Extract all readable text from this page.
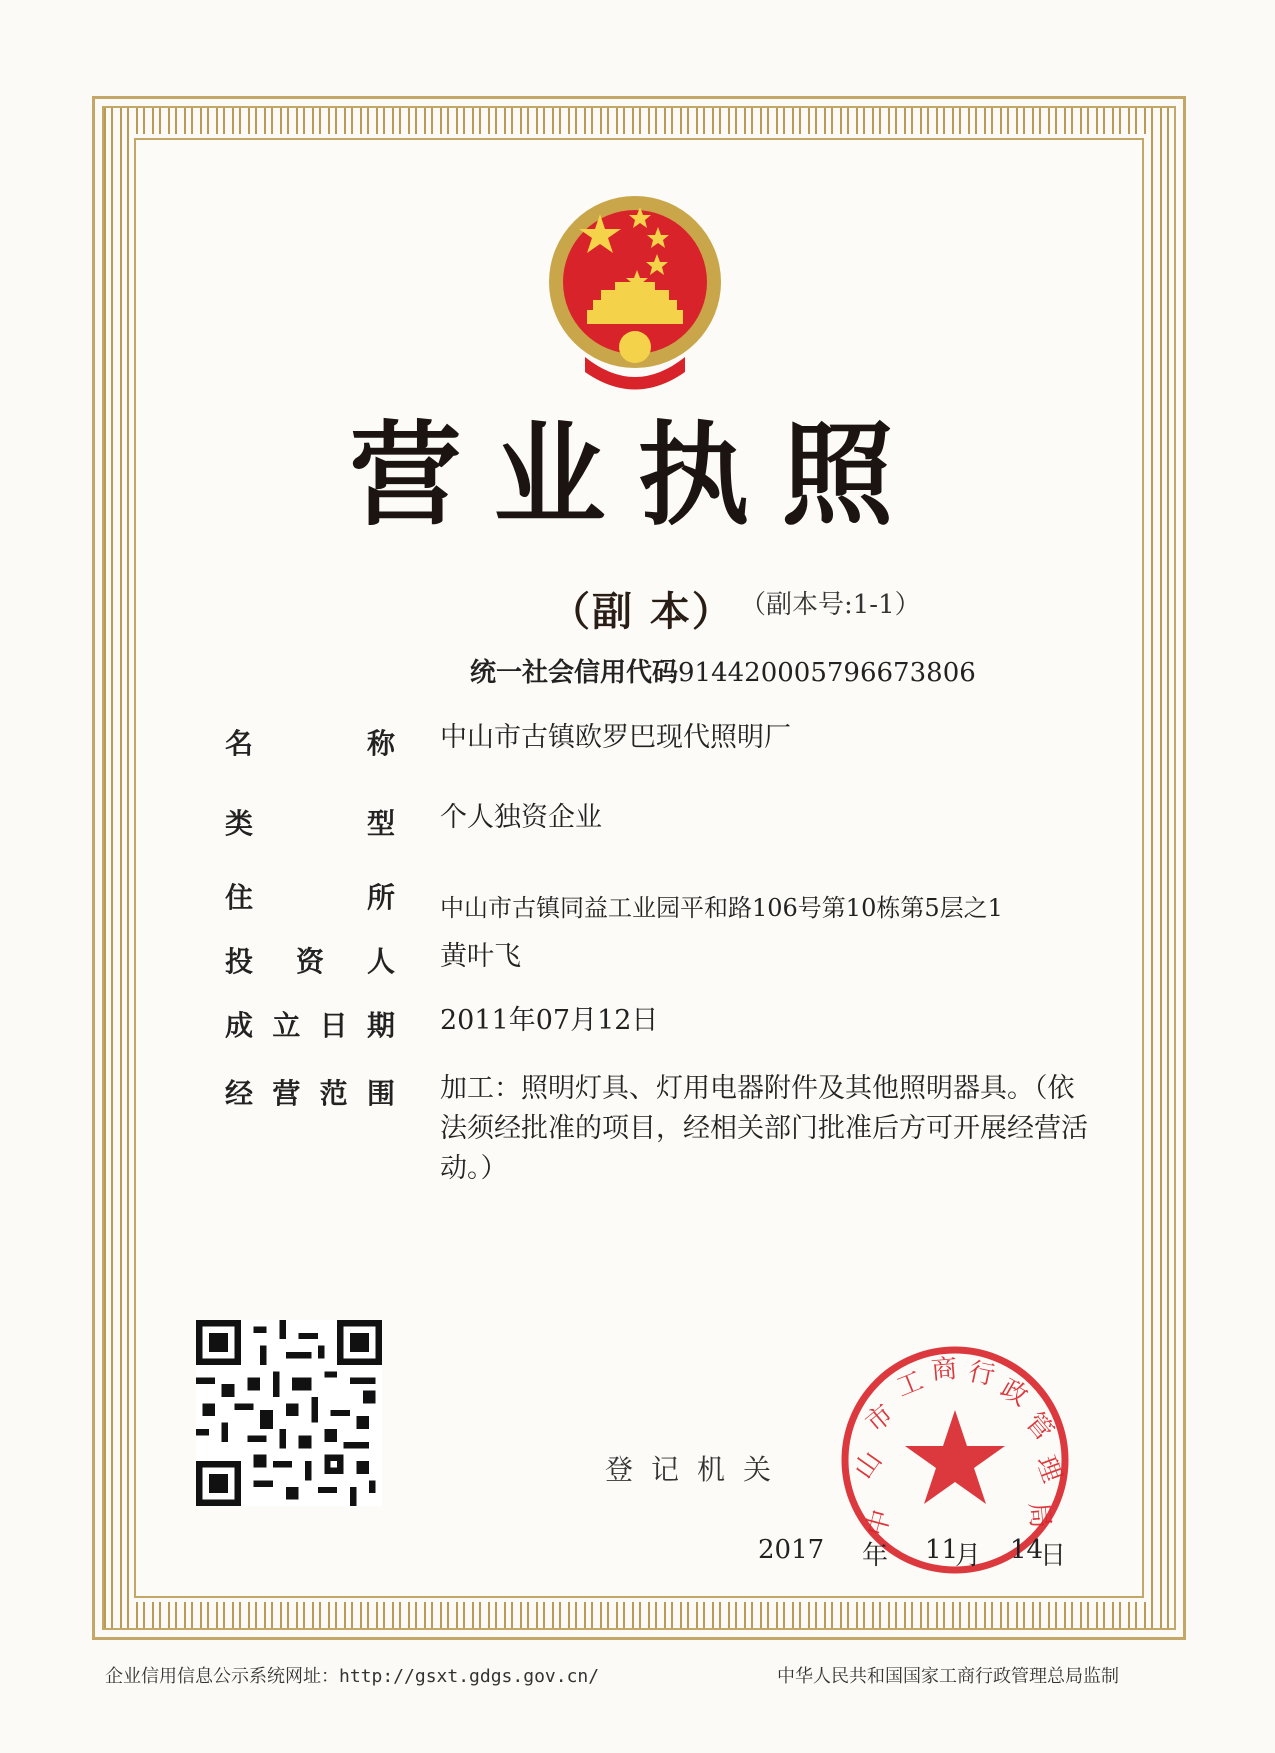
营业执照
（副 本） （副本号:1-1）
统一社会信用代码914420005796673806
名	称 中山市古镇欧罗巴现代照明厂
类	型 个人独资企业
住	所 中山市古镇同益工业园平和路106号第10栋第5层之1
投 资 人 黄叶飞
成 立 日 期 2011年07月12日
经 营 范 围 加工：照明灯具、灯用电器附件及其他照明器具。（依法须经批准的项目，经相关部门批准后方可开展经营活动。）
登记机关
中
山
市
工 商 行
政
管
理
局
2017 年 11
月 14
日
企业信用信息公示系统网址：http://gsxt.gdgs.gov.cn/	中华人民共和国国家工商行政管理总局监制
